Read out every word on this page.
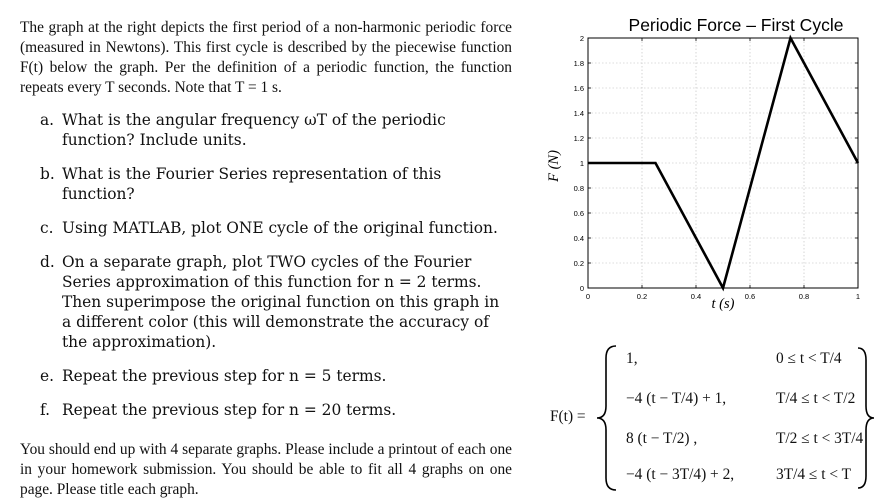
The graph at the right depicts the first period of a non-harmonic periodic force (measured in Newtons). This first cycle is described by the piecewise function F(t) below the graph. Per the definition of a periodic function, the function repeats every T seconds. Note that T = 1 s.

a. What is the angular frequency ωT of the periodic function? Include units.
b. What is the Fourier Series representation of this function?
c. Using MATLAB, plot ONE cycle of the original function.
d. On a separate graph, plot TWO cycles of the Fourier Series approximation of this function for n = 2 terms. Then superimpose the original function on this graph in a different color (this will demonstrate the accuracy of the approximation).
e. Repeat the previous step for n = 5 terms.
f. Repeat the previous step for n = 20 terms.

You should end up with 4 separate graphs. Please include a printout of each one in your homework submission. You should be able to fit all 4 graphs on one page. Please title each graph.

0	0.2	0.4	0.6	0.8	1
0
0.2
0.4
0.6
0.8
1
1.2
1.4
1.6
1.8
2
Periodic Force – First Cycle
t (s)
F (N)
F(t) =
1,	0 ≤ t < T/4
−4 (t − T/4) + 1,	T/4 ≤ t < T/2
8 (t − T/2) ,	T/2 ≤ t < 3T/4
−4 (t − 3T/4) + 2,	3T/4 ≤ t < T
